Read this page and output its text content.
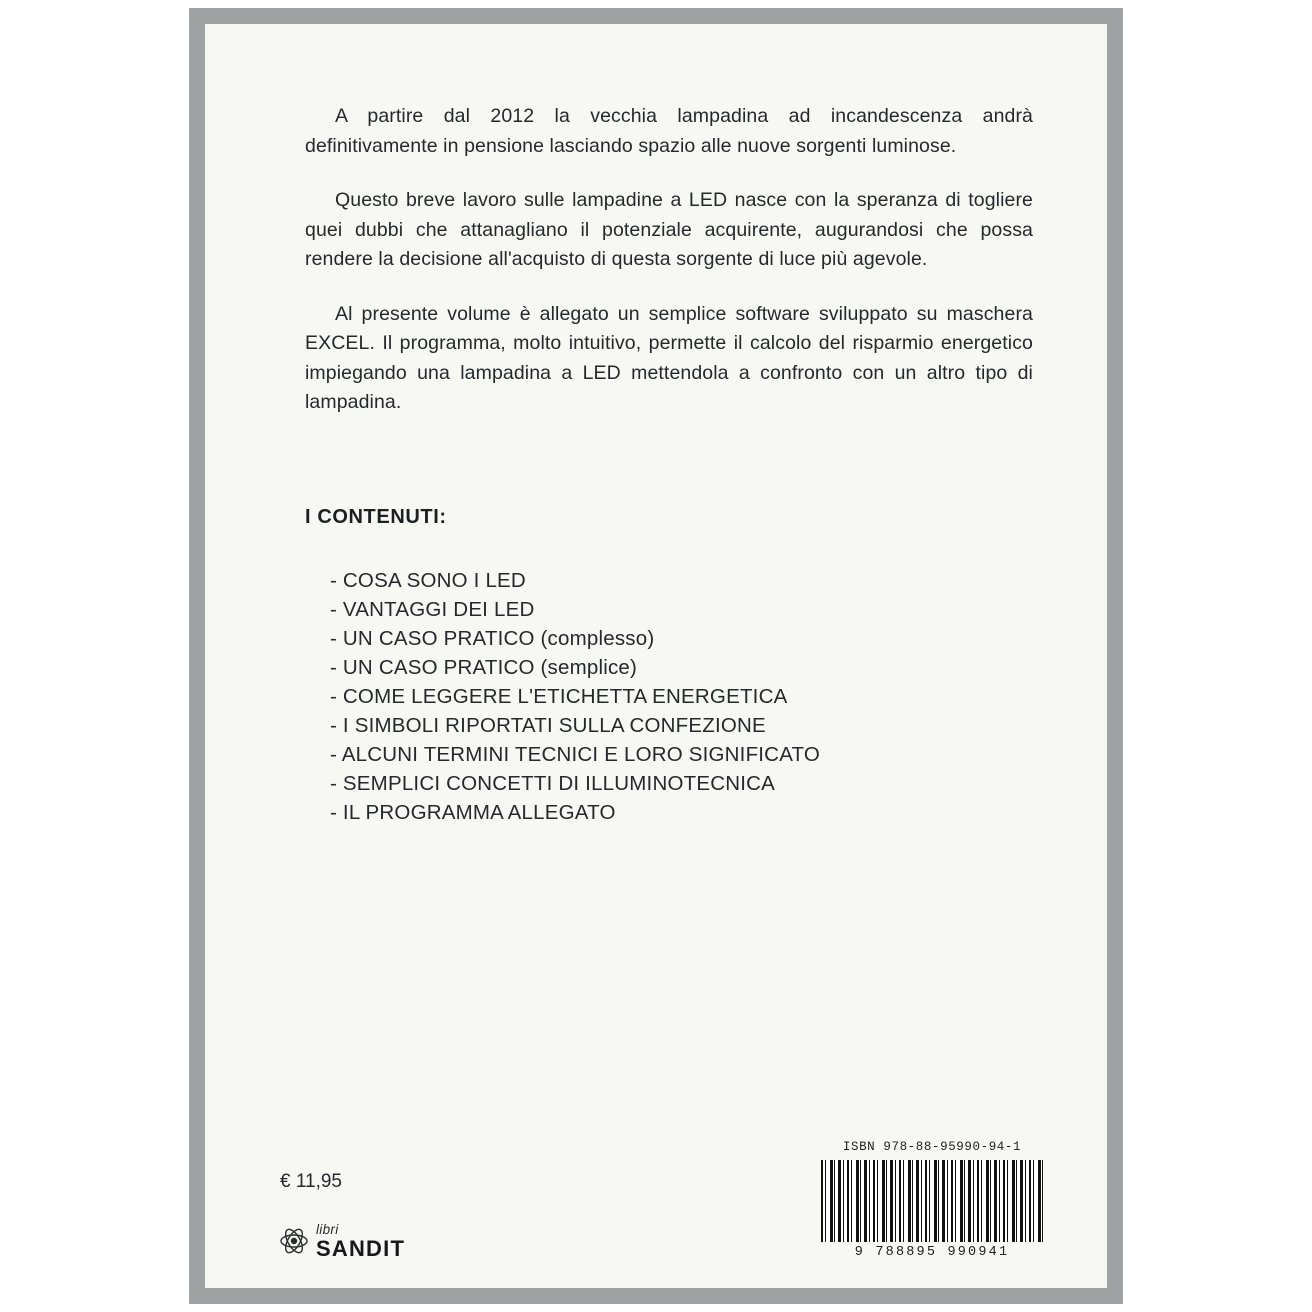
A partire dal 2012 la vecchia lampadina ad incandescenza andrà definitivamente in pensione lasciando spazio alle nuove sorgenti luminose.

Questo breve lavoro sulle lampadine a LED nasce con la speranza di togliere quei dubbi che attanagliano il potenziale acquirente, augurandosi che possa rendere la decisione all'acquisto di questa sorgente di luce più agevole.

Al presente volume è allegato un semplice software sviluppato su maschera EXCEL. Il programma, molto intuitivo, permette il calcolo del risparmio energetico impiegando una lampadina a LED mettendola a confronto con un altro tipo di lampadina.

I CONTENUTI:
- COSA SONO I LED
- VANTAGGI DEI LED
- UN CASO PRATICO (complesso)
- UN CASO PRATICO (semplice)
- COME LEGGERE L'ETICHETTA ENERGETICA
- I SIMBOLI RIPORTATI SULLA CONFEZIONE
- ALCUNI TERMINI TECNICI E LORO SIGNIFICATO
- SEMPLICI CONCETTI DI ILLUMINOTECNICA
- IL PROGRAMMA ALLEGATO
€ 11,95
libri
SANDIT
ISBN 978-88-95990-94-1
9 788895 990941
